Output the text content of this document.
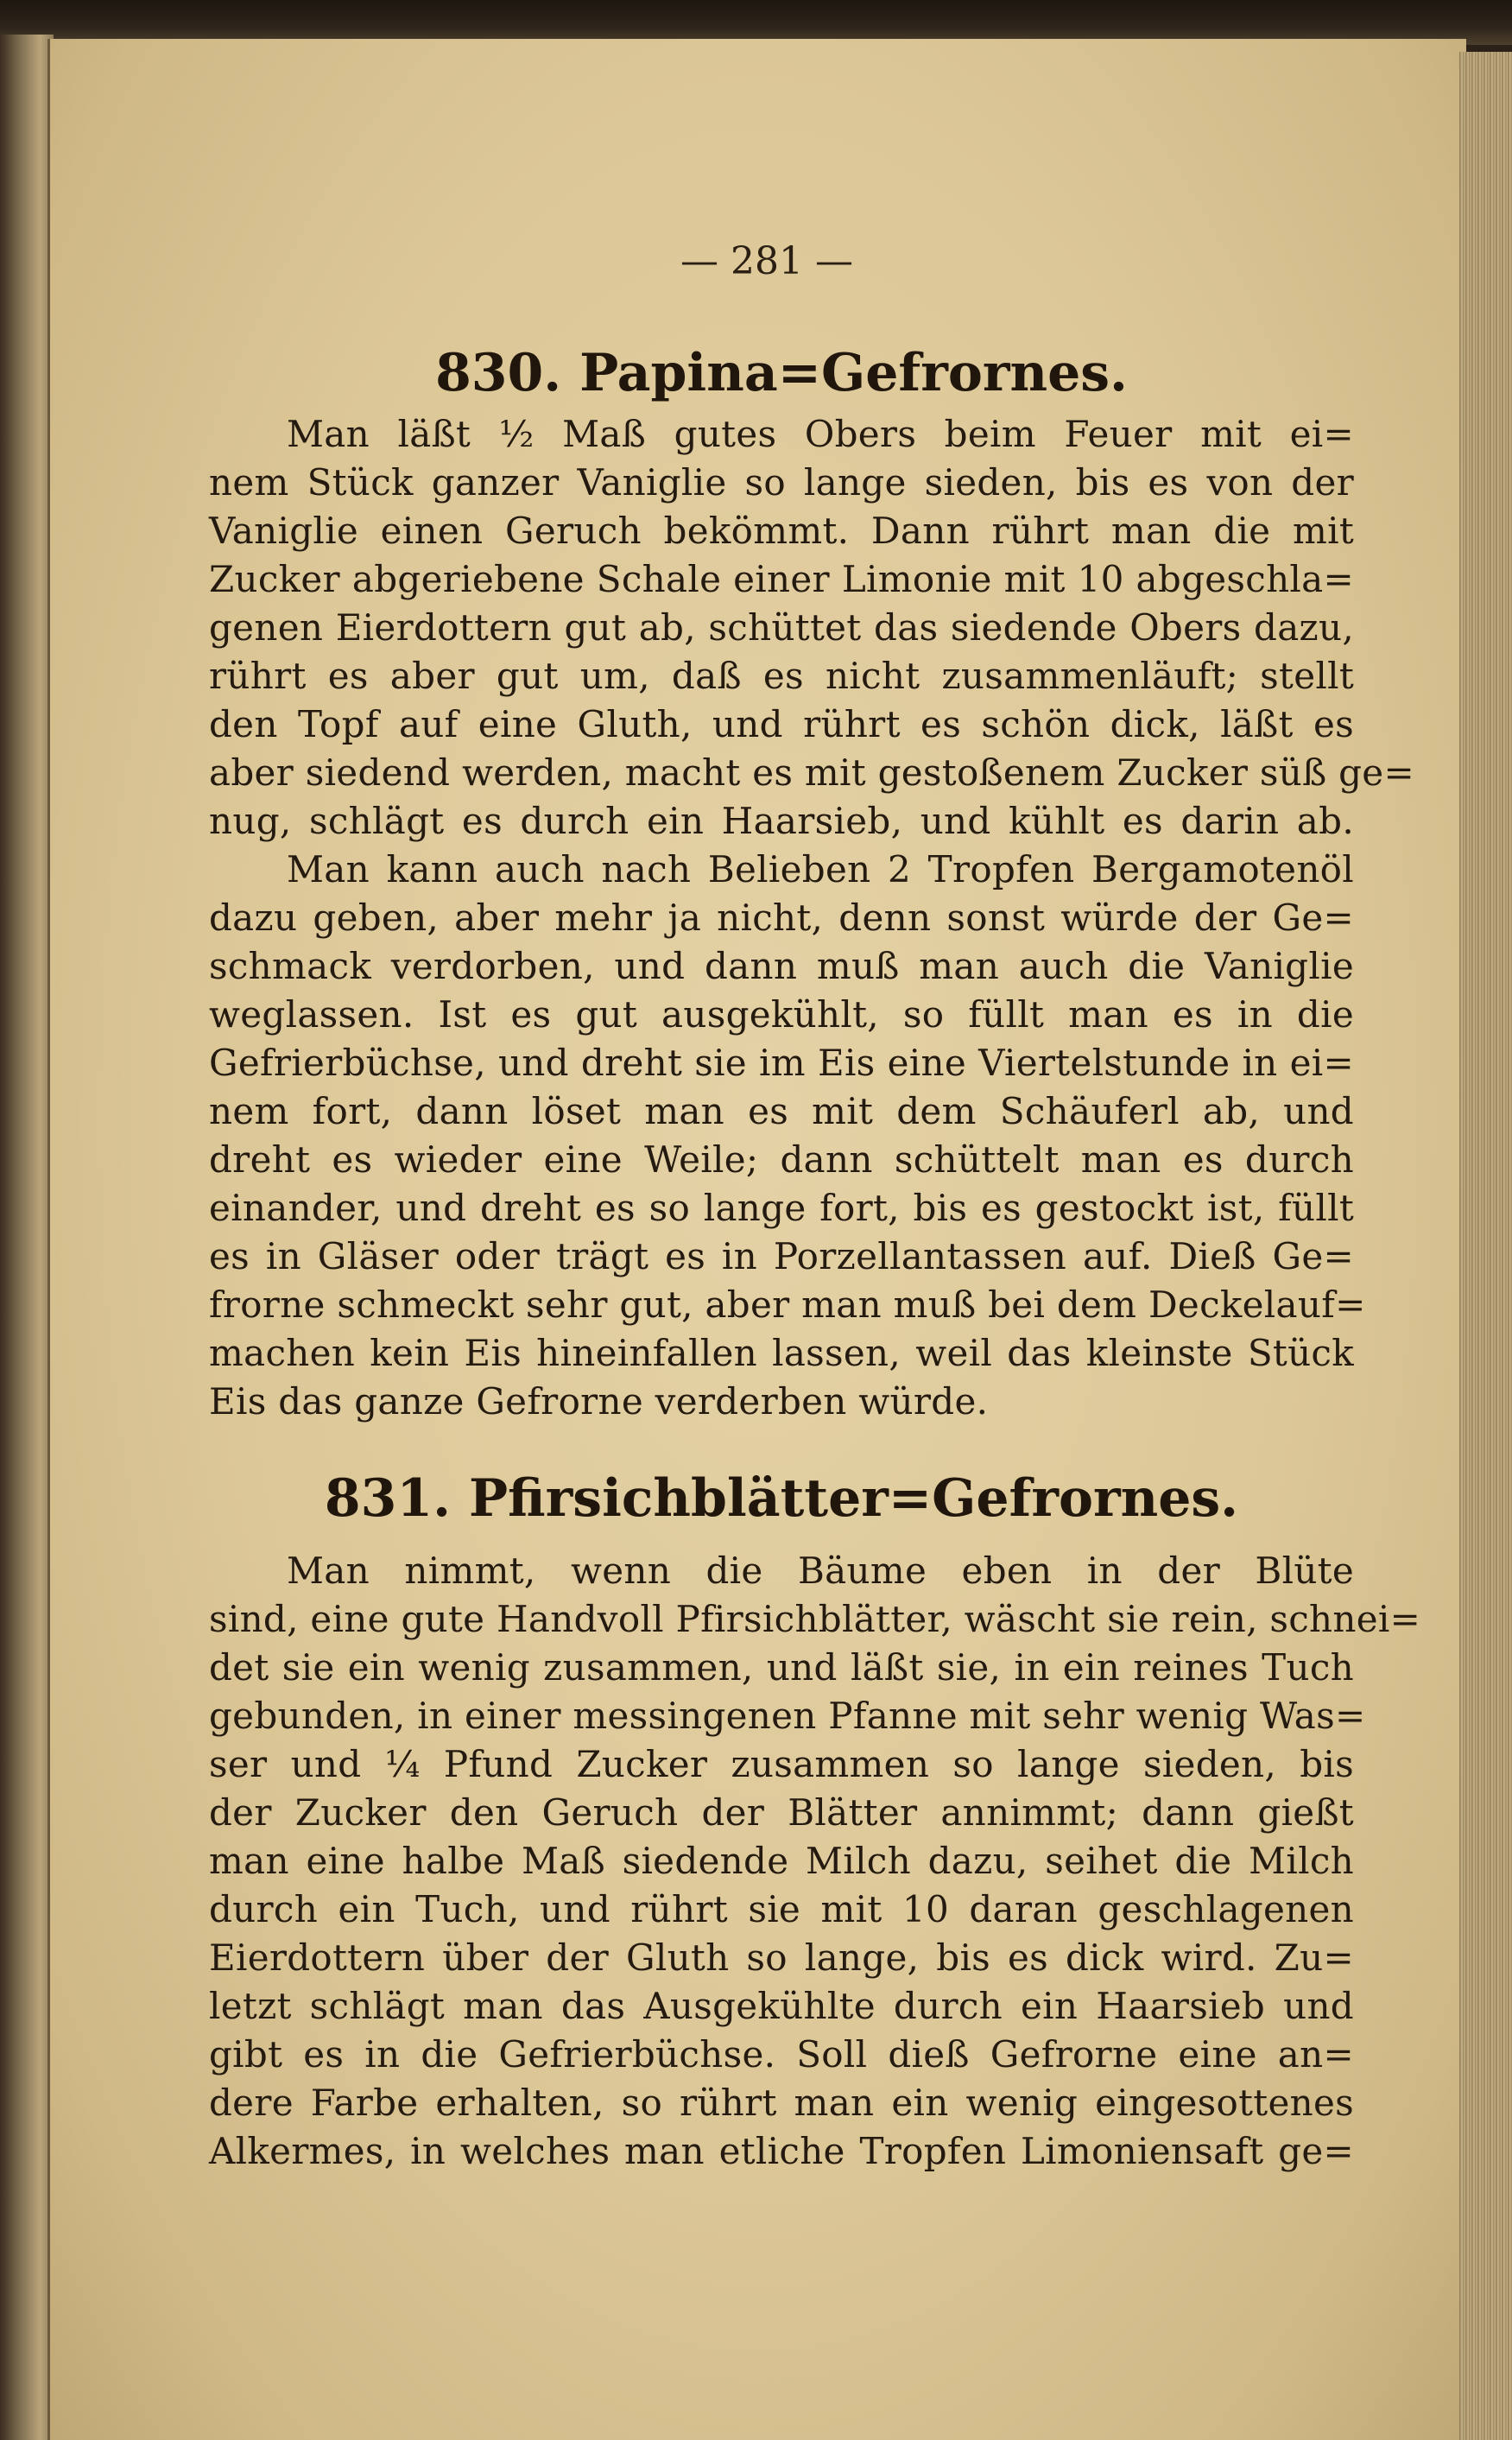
— 281 —
830. Papina=Gefrornes.
Man läßt ½ Maß gutes Obers beim Feuer mit ei=
nem Stück ganzer Vaniglie so lange sieden, bis es von der
Vaniglie einen Geruch bekömmt. Dann rührt man die mit
Zucker abgeriebene Schale einer Limonie mit 10 abgeschla=
genen Eierdottern gut ab, schüttet das siedende Obers dazu,
rührt es aber gut um, daß es nicht zusammenläuft; stellt
den Topf auf eine Gluth, und rührt es schön dick, läßt es
aber siedend werden, macht es mit gestoßenem Zucker süß ge=
nug, schlägt es durch ein Haarsieb, und kühlt es darin ab.
Man kann auch nach Belieben 2 Tropfen Bergamotenöl
dazu geben, aber mehr ja nicht, denn sonst würde der Ge=
schmack verdorben, und dann muß man auch die Vaniglie
weglassen. Ist es gut ausgekühlt, so füllt man es in die
Gefrierbüchse, und dreht sie im Eis eine Viertelstunde in ei=
nem fort, dann löset man es mit dem Schäuferl ab, und
dreht es wieder eine Weile; dann schüttelt man es durch
einander, und dreht es so lange fort, bis es gestockt ist, füllt
es in Gläser oder trägt es in Porzellantassen auf. Dieß Ge=
frorne schmeckt sehr gut, aber man muß bei dem Deckelauf=
machen kein Eis hineinfallen lassen, weil das kleinste Stück
Eis das ganze Gefrorne verderben würde.
831. Pfirsichblätter=Gefrornes.
Man nimmt, wenn die Bäume eben in der Blüte
sind, eine gute Handvoll Pfirsichblätter, wäscht sie rein, schnei=
det sie ein wenig zusammen, und läßt sie, in ein reines Tuch
gebunden, in einer messingenen Pfanne mit sehr wenig Was=
ser und ¼ Pfund Zucker zusammen so lange sieden, bis
der Zucker den Geruch der Blätter annimmt; dann gießt
man eine halbe Maß siedende Milch dazu, seihet die Milch
durch ein Tuch, und rührt sie mit 10 daran geschlagenen
Eierdottern über der Gluth so lange, bis es dick wird. Zu=
letzt schlägt man das Ausgekühlte durch ein Haarsieb und
gibt es in die Gefrierbüchse. Soll dieß Gefrorne eine an=
dere Farbe erhalten, so rührt man ein wenig eingesottenes
Alkermes, in welches man etliche Tropfen Limoniensaft ge=
